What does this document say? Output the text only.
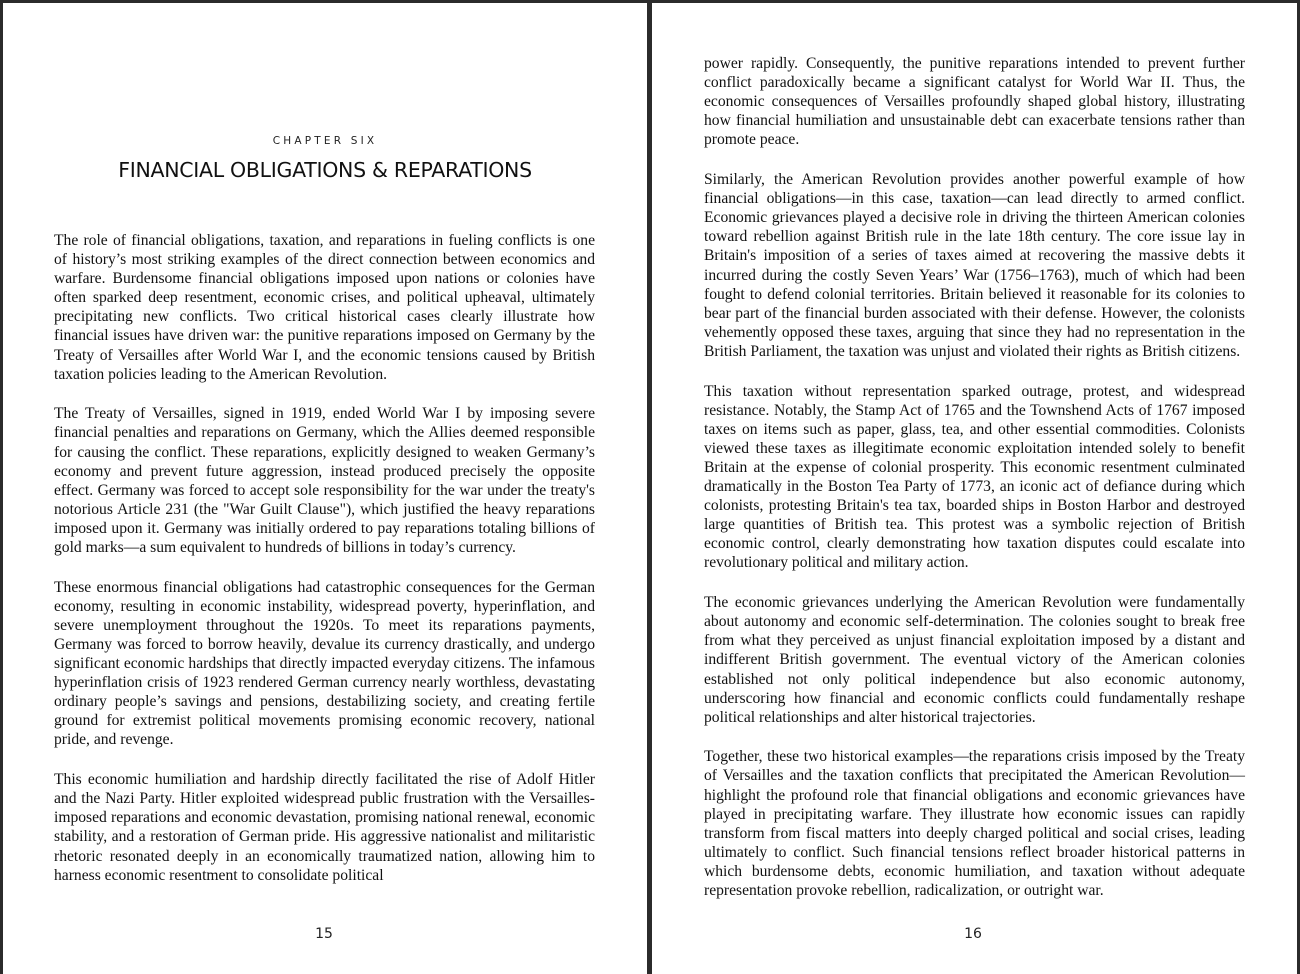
CHAPTER SIX
FINANCIAL OBLIGATIONS & REPARATIONS

The role of financial obligations, taxation, and reparations in fueling conflicts is one of history’s most striking examples of the direct connection between economics and warfare. Burdensome financial obligations imposed upon nations or colonies have often sparked deep resentment, economic crises, and political upheaval, ultimately precipitating new conflicts. Two critical historical cases clearly illustrate how financial issues have driven war: the punitive reparations imposed on Germany by the Treaty of Versailles after World War I, and the economic tensions caused by British taxation policies leading to the American Revolution.

The Treaty of Versailles, signed in 1919, ended World War I by imposing severe financial penalties and reparations on Germany, which the Allies deemed responsible for causing the conflict. These reparations, explicitly designed to weaken Germany’s economy and prevent future aggression, instead produced precisely the opposite effect. Germany was forced to accept sole responsibility for the war under the treaty's notorious Article 231 (the "War Guilt Clause"), which justified the heavy reparations imposed upon it. Germany was initially ordered to pay reparations totaling billions of gold marks—a sum equivalent to hundreds of billions in today’s currency.

These enormous financial obligations had catastrophic consequences for the German economy, resulting in economic instability, widespread poverty, hyperinflation, and severe unemployment throughout the 1920s. To meet its reparations payments, Germany was forced to borrow heavily, devalue its currency drastically, and undergo significant economic hardships that directly impacted everyday citizens. The infamous hyperinflation crisis of 1923 rendered German currency nearly worthless, devastating ordinary people’s savings and pensions, destabilizing society, and creating fertile ground for extremist political movements promising economic recovery, national pride, and revenge.

This economic humiliation and hardship directly facilitated the rise of Adolf Hitler and the Nazi Party. Hitler exploited widespread public frustration with the Versailles-imposed reparations and economic devastation, promising national renewal, economic stability, and a restoration of German pride. His aggressive nationalist and militaristic rhetoric resonated deeply in an economically traumatized nation, allowing him to harness economic resentment to consolidate political

15

power rapidly. Consequently, the punitive reparations intended to prevent further conflict paradoxically became a significant catalyst for World War II. Thus, the economic consequences of Versailles profoundly shaped global history, illustrating how financial humiliation and unsustainable debt can exacerbate tensions rather than promote peace.

Similarly, the American Revolution provides another powerful example of how financial obligations—in this case, taxation—can lead directly to armed conflict. Economic grievances played a decisive role in driving the thirteen American colonies toward rebellion against British rule in the late 18th century. The core issue lay in Britain's imposition of a series of taxes aimed at recovering the massive debts it incurred during the costly Seven Years’ War (1756–1763), much of which had been fought to defend colonial territories. Britain believed it reasonable for its colonies to bear part of the financial burden associated with their defense. However, the colonists vehemently opposed these taxes, arguing that since they had no representation in the British Parliament, the taxation was unjust and violated their rights as British citizens.

This taxation without representation sparked outrage, protest, and widespread resistance. Notably, the Stamp Act of 1765 and the Townshend Acts of 1767 imposed taxes on items such as paper, glass, tea, and other essential commodities. Colonists viewed these taxes as illegitimate economic exploitation intended solely to benefit Britain at the expense of colonial prosperity. This economic resentment culminated dramatically in the Boston Tea Party of 1773, an iconic act of defiance during which colonists, protesting Britain's tea tax, boarded ships in Boston Harbor and destroyed large quantities of British tea. This protest was a symbolic rejection of British economic control, clearly demonstrating how taxation disputes could escalate into revolutionary political and military action.

The economic grievances underlying the American Revolution were fundamentally about autonomy and economic self-determination. The colonies sought to break free from what they perceived as unjust financial exploitation imposed by a distant and indifferent British government. The eventual victory of the American colonies established not only political independence but also economic autonomy, underscoring how financial and economic conflicts could fundamentally reshape political relationships and alter historical trajectories.

Together, these two historical examples—the reparations crisis imposed by the Treaty of Versailles and the taxation conflicts that precipitated the American Revolution—highlight the profound role that financial obligations and economic grievances have played in precipitating warfare. They illustrate how economic issues can rapidly transform from fiscal matters into deeply charged political and social crises, leading ultimately to conflict. Such financial tensions reflect broader historical patterns in which burdensome debts, economic humiliation, and taxation without adequate representation provoke rebellion, radicalization, or outright war.

16
